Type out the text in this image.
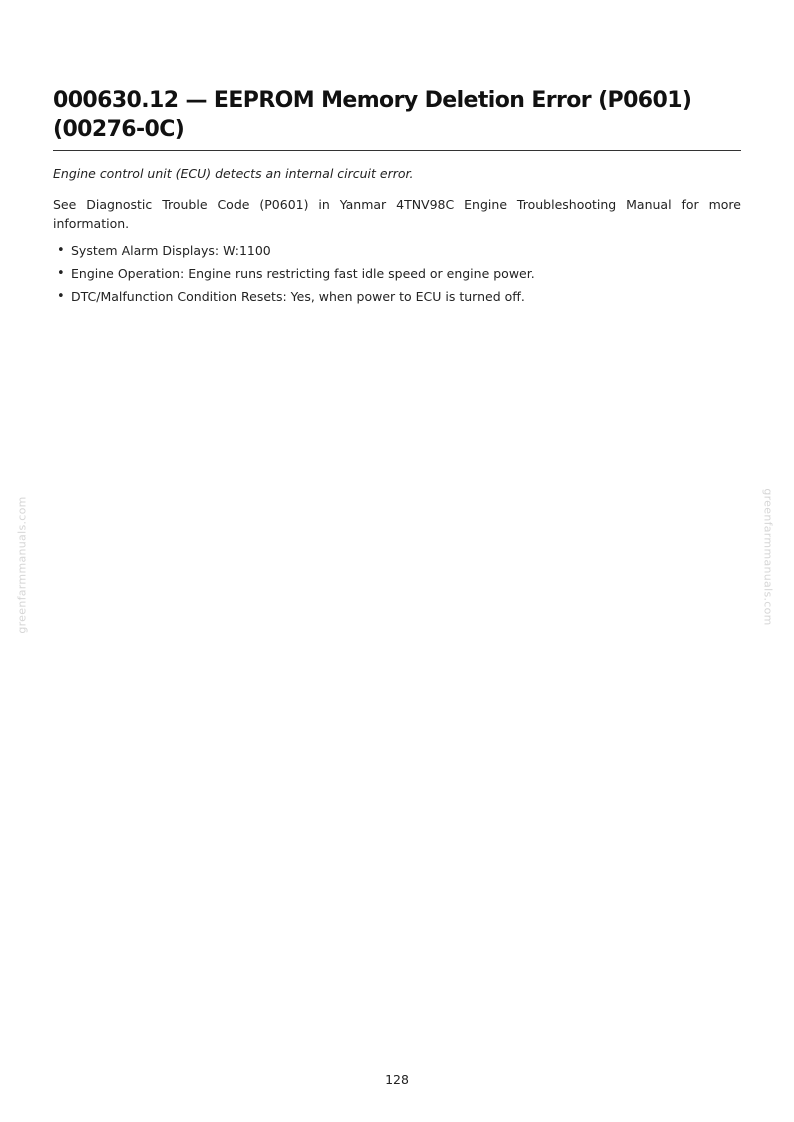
000630.12 — EEPROM Memory Deletion Error (P0601)
(00276-0C)

Engine control unit (ECU) detects an internal circuit error.

See Diagnostic Trouble Code (P0601) in Yanmar 4TNV98C Engine Troubleshooting Manual for more information.

• System Alarm Displays: W:1100
• Engine Operation: Engine runs restricting fast idle speed or engine power.
• DTC/Malfunction Condition Resets: Yes, when power to ECU is turned off.
greenfarmmanuals.com	greenfarmmanuals.com
128
